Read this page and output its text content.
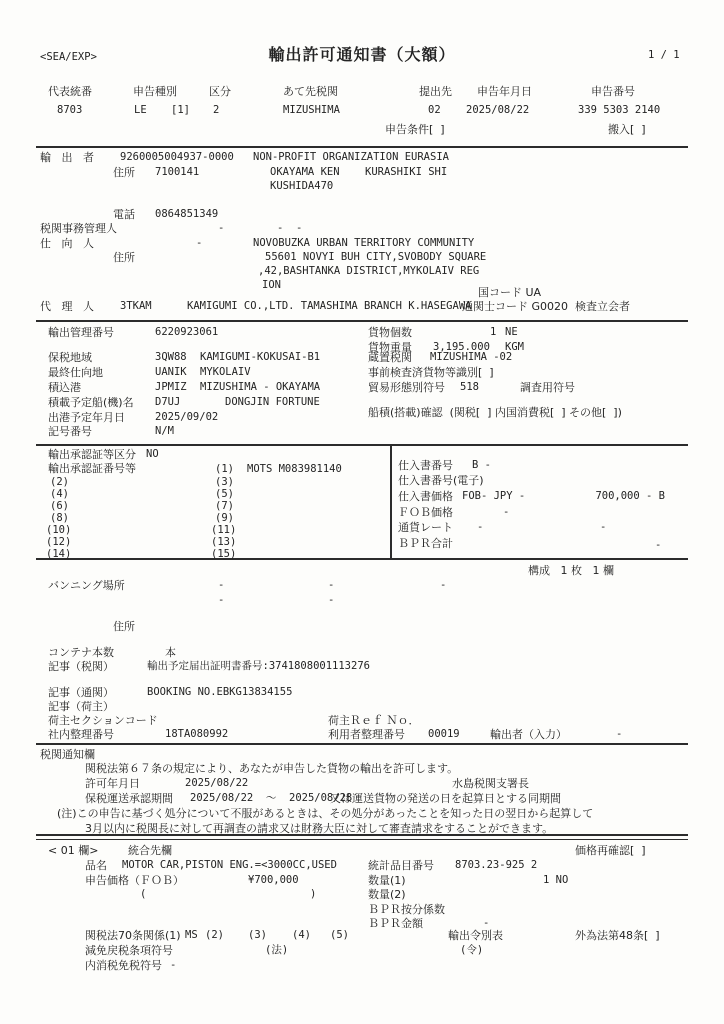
<SEA/EXP>	輸出許可通知書（大額）	1 / 1
代表統番	申告種別	区分	あて先税関	提出先 申告年月日	申告番号
8703	LE [1] 2	MIZUSHIMA	02 2025/08/22	339 5303 2140
申告条件[  ]	搬入[  ]
輸   出   者 9260005004937-0000 NON-PROFIT ORGANIZATION EURASIA
住所 7100141	OKAYAMA KEN KURASHIKI SHI
KUSHIDA470
電話 0864851349
税関事務管理人	-	-  -
仕   向   人	-	NOVOBUZKA URBAN TERRITORY COMMUNITY
住所	55601 NOVYI BUH CITY,SVOBODY SQUARE
,42,BASHTANKA DISTRICT,MYKOLAIV REG
ION
国コード UA
代   理   人 3TKAM	KAMIGUMI CO.,LTD. TAMASHIMA BRANCH K.HASEGAWA
通関士コード G0020  検査立会者
輸出管理番号	6220923061
保税地域	3QW88 KAMIGUMI-KOKUSAI-B1
最終仕向地	UANIK MYKOLAIV
積込港	JPMIZ MIZUSHIMA - OKAYAMA
積載予定船(機)名 D7UJ	DONGJIN FORTUNE
出港予定年月日	2025/09/02
記号番号	N/M
貨物個数	1 NE
貨物重量 3,195.000 KGM
蔵置税関 MIZUSHIMA -02
事前検査済貨物等識別[  ]
貿易形態別符号 518	調査用符号
船積(搭載)確認  (関税[  ] 内国消費税[  ] その他[  ])
輸出承認証等区分 NO
輸出承認証番号等	(1) MOTS M083981140
(2)	(3)
(4)	(5)
(6)	(7)
(8)	(9)
(10)	(11)
(12)	(13)
(14)	(15)
仕入書番号 B -
仕入書番号(電子)
仕入書価格 FOB- JPY -	700,000 - B
ＦＯＢ価格	-
通貨レート -	-
ＢＰＲ合計	-
構成   1 枚   1 欄
バンニング場所	-	-	-
-	-
住所
コンテナ本数	本
記事（税関）	輸出予定届出証明書番号:3741808001113276
記事（通関）	BOOKING NO.EBKG13834155
記事（荷主）
荷主セクションコード	荷主Ｒｅｆ Ｎｏ．
社内整理番号	18TA080992	利用者整理番号 00019	輸出者（入力）	-
税関通知欄
関税法第６７条の規定により、あなたが申告した貨物の輸出を許可します。
許可年月日	2025/08/22	水島税関支署長
保税運送承認期間 2025/08/22  ～  2025/08/28
又は運送貨物の発送の日を起算日とする同期間
(注)この申告に基づく処分について不服があるときは、その処分があったことを知った日の翌日から起算して
3月以内に税関長に対して再調査の請求又は財務大臣に対して審査請求をすることができます。
< 01 欄>	統合先欄	価格再確認[  ]
品名 MOTOR CAR,PISTON ENG.=<3000CC,USED	統計品目番号 8703.23-925 2
申告価格（ＦＯＢ）	¥700,000	数量(1)	1 NO
(	)	数量(2)
ＢＰＲ按分係数
ＢＰＲ金額	-
関税法70条関係(1) MS (2) (3) (4) (5)	輸出令別表	外為法第48条[  ]
減免戻税条項符号	(法)	(令)
内消税免税符号 -
